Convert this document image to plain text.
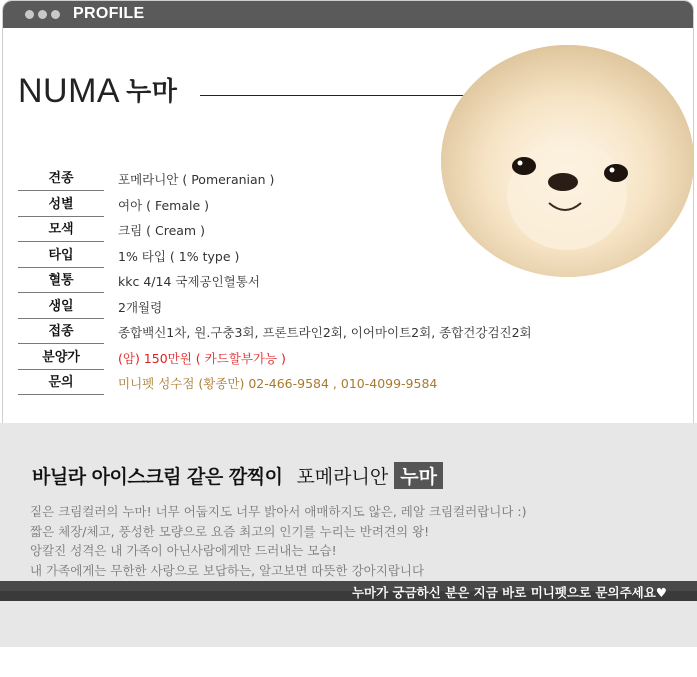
PROFILE
NUMA 누마
견종	포메라니안 ( Pomeranian )
성별	여아 ( Female )
모색	크림 ( Cream )
타입	1% 타입 ( 1% type )
혈통	kkc 4/14 국제공인혈통서
생일	2개월령
접종	종합백신1차, 원.구충3회, 프론트라인2회, 이어마이트2회, 종합건강검진2회
분양가	(암) 150만원 ( 카드할부가능 )
문의	미니펫 성수점 (황종만) 02-466-9584 , 010-4099-9584
바닐라 아이스크림 같은 깜찍이 포메라니안 누마
짙은 크림컬러의 누마! 너무 어둡지도 너무 밝아서 애매하지도 않은, 레알 크림컬러랍니다 :)
짧은 체장/체고, 풍성한 모량으로 요즘 최고의 인기를 누리는 반려견의 왕!
앙칼진 성격은 내 가족이 아닌사람에게만 드러내는 모습!
내 가족에게는 무한한 사랑으로 보답하는, 알고보면 따뜻한 강아지랍니다
누마가 궁금하신 분은 지금 바로 미니펫으로 문의주세요♥
